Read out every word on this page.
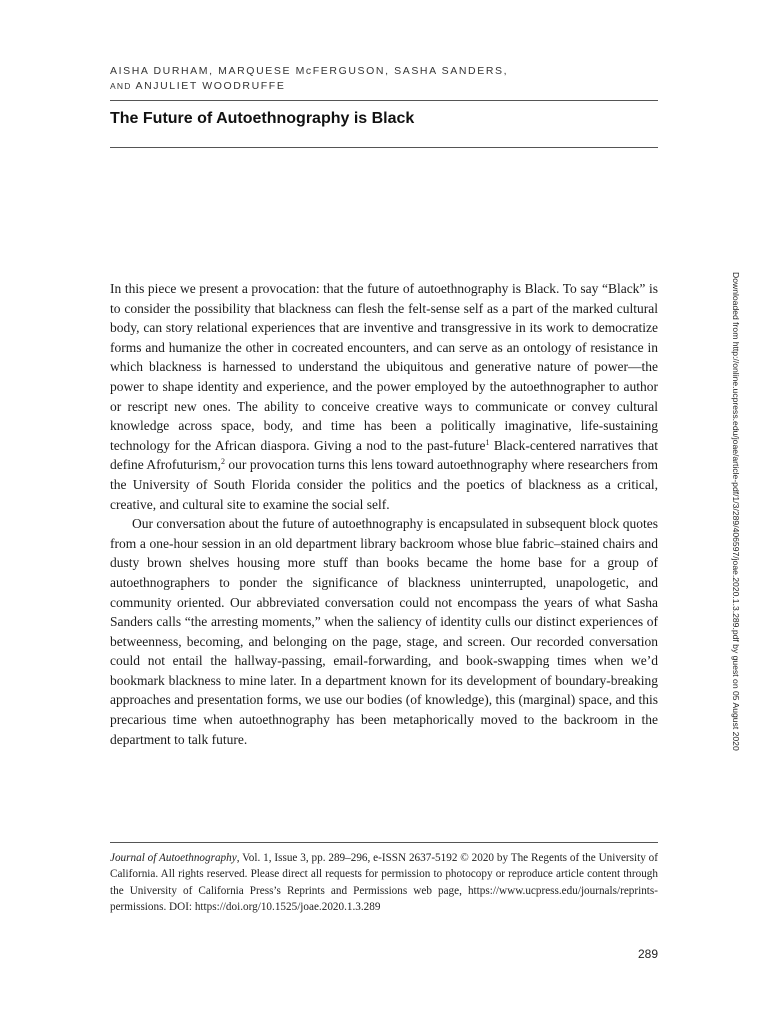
AISHA DURHAM, MARQUESE McFERGUSON, SASHA SANDERS,
AND ANJULIET WOODRUFFE
The Future of Autoethnography is Black
Downloaded from http://online.ucpress.edu/joae/article-pdf/1/3/289/406597/joae.2020.1.3.289.pdf by guest on 05 August 2020

In this piece we present a provocation: that the future of autoethnography is Black. To say “Black” is to consider the possibility that blackness can flesh the felt-sense self as a part of the marked cultural body, can story relational experiences that are inventive and transgressive in its work to democratize forms and humanize the other in cocreated encounters, and can serve as an ontology of resistance in which blackness is harnessed to understand the ubiquitous and generative nature of power—the power to shape identity and experience, and the power employed by the autoethnographer to author or rescript new ones. The ability to conceive creative ways to communicate or convey cultural knowledge across space, body, and time has been a politically imaginative, life-sustaining technology for the African diaspora. Giving a nod to the past-future$^1$ Black-centered narratives that define Afrofuturism,$^2$ our provocation turns this lens toward autoethnography where researchers from the University of South Florida consider the politics and the poetics of blackness as a critical, creative, and cultural site to examine the social self.

Our conversation about the future of autoethnography is encapsulated in subsequent block quotes from a one-hour session in an old department library backroom whose blue fabric–stained chairs and dusty brown shelves housing more stuff than books became the home base for a group of autoethnographers to ponder the significance of blackness uninterrupted, unapologetic, and community oriented. Our abbreviated conversation could not encompass the years of what Sasha Sanders calls “the arresting moments,” when the saliency of identity culls our distinct experiences of betweenness, becoming, and belonging on the page, stage, and screen. Our recorded conversation could not entail the hallway-passing, email-forwarding, and book-swapping times when we’d bookmark blackness to mine later. In a department known for its development of boundary-breaking approaches and presentation forms, we use our bodies (of knowledge), this (marginal) space, and this precarious time when autoethnography has been metaphorically moved to the backroom in the department to talk future.

Journal of Autoethnography, Vol. 1, Issue 3, pp. 289–296, e-ISSN 2637-5192 © 2020 by The Regents of the University of California. All rights reserved. Please direct all requests for permission to photocopy or reproduce article content through the University of California Press’s Reprints and Permissions web page, https://www.ucpress.edu/journals/reprints-permissions. DOI: https://doi.org/10.1525/joae.2020.1.3.289
289
